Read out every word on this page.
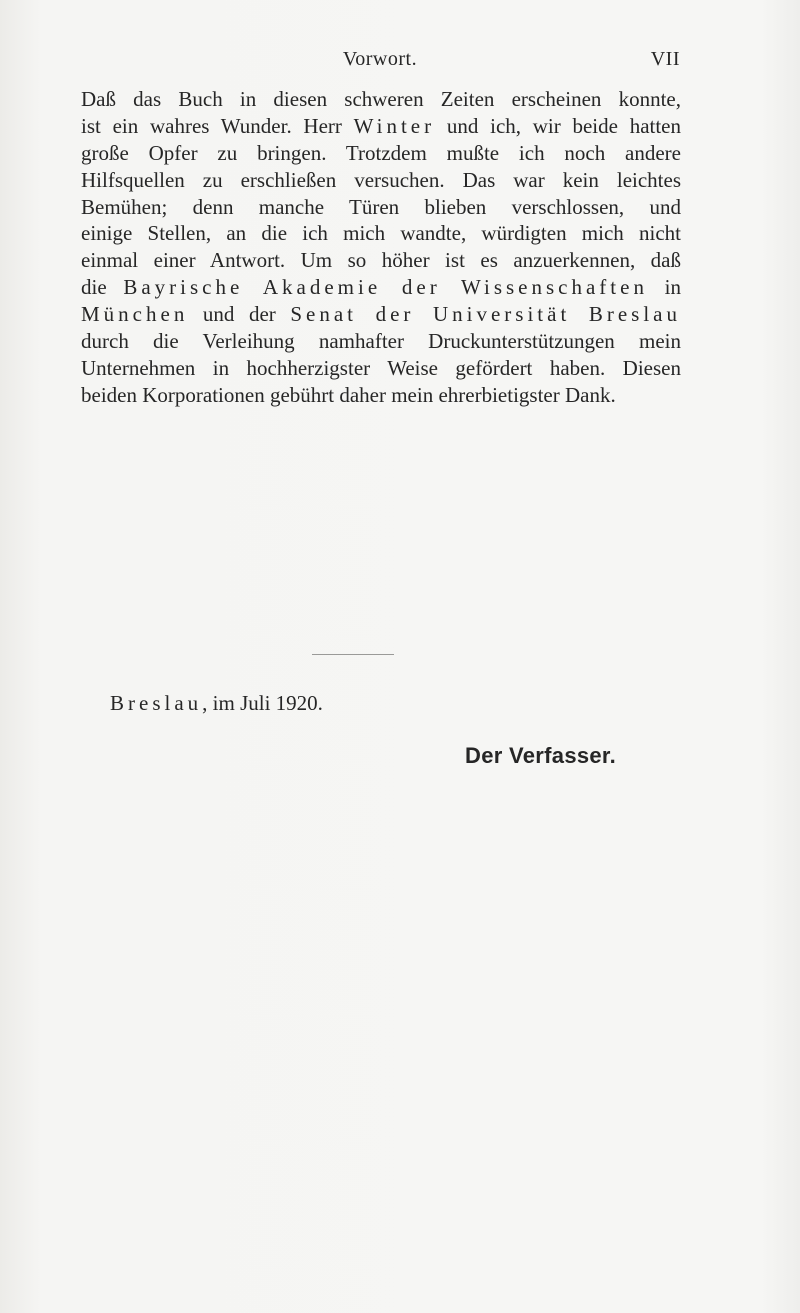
Vorwort.	VII
Daß das Buch in diesen schweren Zeiten erscheinen konnte,
ist ein wahres Wunder. Herr Winter und ich, wir beide hatten
große Opfer zu bringen. Trotzdem mußte ich noch andere
Hilfsquellen zu erschließen versuchen. Das war kein leichtes
Bemühen; denn manche Türen blieben verschlossen, und
einige Stellen, an die ich mich wandte, würdigten mich nicht
einmal einer Antwort. Um so höher ist es anzuerkennen, daß
die Bayrische Akademie der Wissenschaften in
München und der Senat der Universität Breslau
durch die Verleihung namhafter Druckunterstützungen mein
Unternehmen in hochherzigster Weise gefördert haben. Diesen
beiden Korporationen gebührt daher mein ehrerbietigster Dank.
Breslau, im Juli 1920.
Der Verfasser.
